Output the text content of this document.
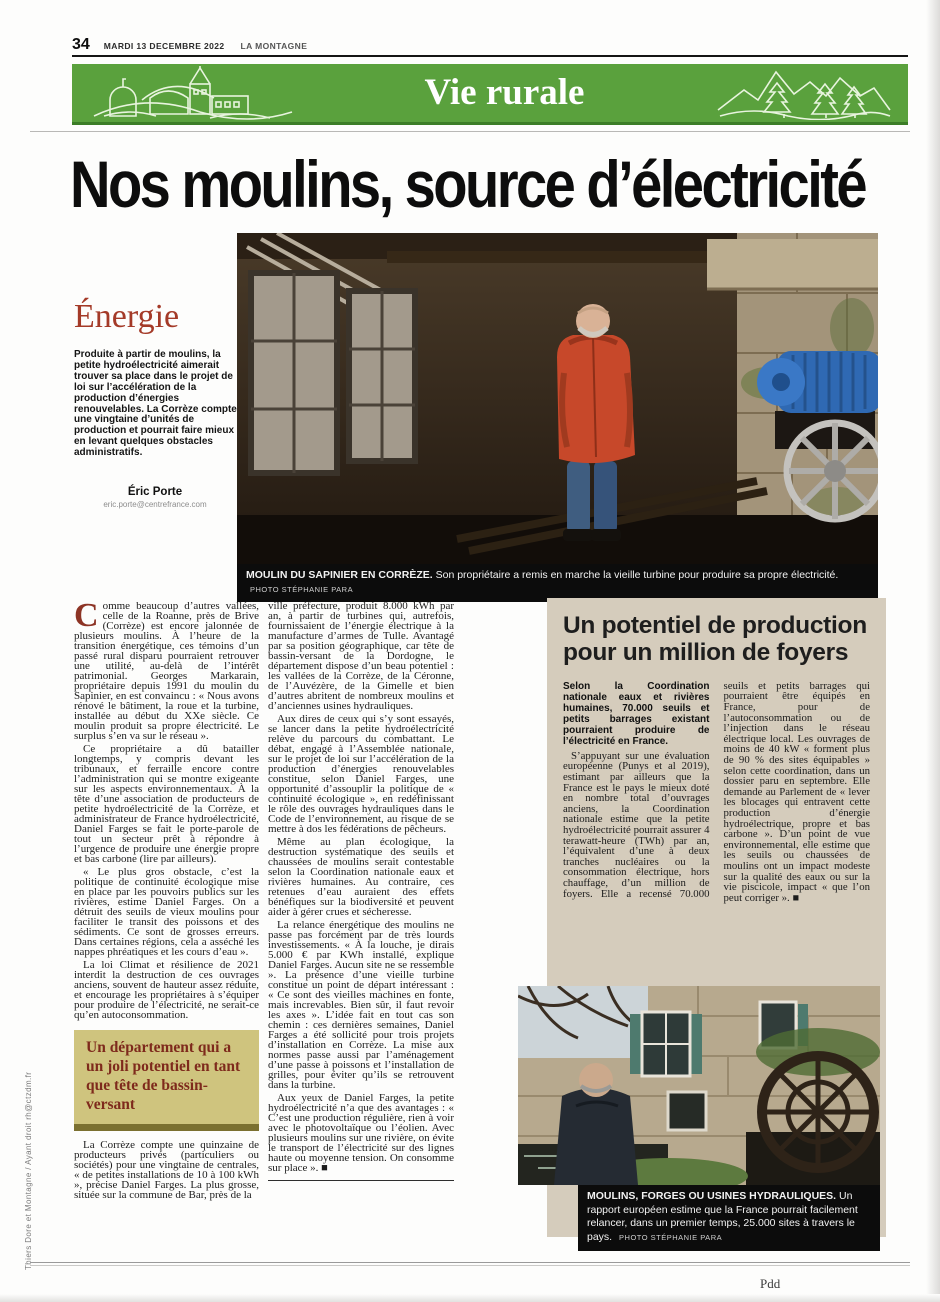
34 MARDI 13 DECEMBRE 2022 LA MONTAGNE
Vie rurale
Nos moulins, source d’électricité
Énergie
Produite à partir de moulins, la petite hydroélectricité aimerait trouver sa place dans le projet de loi sur l’accélération de la production d’énergies renouvelables. La Corrèze compte une vingtaine d’unités de production et pourrait faire mieux en levant quelques obstacles administratifs.
Éric Porte
eric.porte@centrefrance.com
MOULIN DU SAPINIER EN CORRÈZE. Son propriétaire a remis en marche la vieille turbine pour produire sa propre électricité. PHOTO STÉPHANIE PARA

Comme beaucoup d’autres vallées, celle de la Roanne, près de Brive (Corrèze) est encore jalonnée de plusieurs moulins. À l’heure de la transition énergétique, ces témoins d’un passé rural disparu pourraient retrouver une utilité, au-delà de l’intérêt patrimonial. Georges Markarain, propriétaire depuis 1991 du moulin du Sapinier, en est convaincu : « Nous avons rénové le bâtiment, la roue et la turbine, installée au début du XXe siècle. Ce moulin produit sa propre électricité. Le surplus s’en va sur le réseau ».

Ce propriétaire a dû batailler longtemps, y compris devant les tribunaux, et ferraille encore contre l’administration qui se montre exigeante sur les aspects environnementaux. À la tête d’une association de producteurs de petite hydroélectricité de la Corrèze, et administrateur de France hydroélectricité, Daniel Farges se fait le porte-parole de tout un secteur prêt à répondre à l’urgence de produire une énergie propre et bas carbone (lire par ailleurs).

« Le plus gros obstacle, c’est la politique de continuité écologique mise en place par les pouvoirs publics sur les rivières, estime Daniel Farges. On a détruit des seuils de vieux moulins pour faciliter le transit des poissons et des sédiments. Ce sont de grosses erreurs. Dans certaines régions, cela a asséché les nappes phréatiques et les cours d’eau ».

La loi Climat et résilience de 2021 interdit la destruction de ces ouvrages anciens, souvent de hauteur assez réduite, et encourage les propriétaires à s’équiper pour produire de l’électricité, ne serait-ce qu’en autoconsommation.

Un département qui a un joli potentiel en tant que tête de bassin-versant

La Corrèze compte une quinzaine de producteurs privés (particuliers ou sociétés) pour une vingtaine de centrales, « de petites installations de 10 à 100 kWh », précise Daniel Farges. La plus grosse, située sur la commune de Bar, près de la

ville préfecture, produit 8.000 kWh par an, à partir de turbines qui, autrefois, fournissaient de l’énergie électrique à la manufacture d’armes de Tulle. Avantagé par sa position géographique, car tête de bassin-versant de la Dordogne, le département dispose d’un beau potentiel : les vallées de la Corrèze, de la Céronne, de l’Auvézère, de la Gimelle et bien d’autres abritent de nombreux moulins et d’anciennes usines hydrauliques.

Aux dires de ceux qui s’y sont essayés, se lancer dans la petite hydroélectricité relève du parcours du combattant. Le débat, engagé à l’Assemblée nationale, sur le projet de loi sur l’accélération de la production d’énergies renouvelables constitue, selon Daniel Farges, une opportunité d’assouplir la politique de « continuité écologique », en redéfinissant le rôle des ouvrages hydrauliques dans le Code de l’environnement, au risque de se mettre à dos les fédérations de pêcheurs.

Même au plan écologique, la destruction systématique des seuils et chaussées de moulins serait contestable selon la Coordination nationale eaux et rivières humaines. Au contraire, ces retenues d’eau auraient des effets bénéfiques sur la biodiversité et peuvent aider à gérer crues et sécheresse.

La relance énergétique des moulins ne passe pas forcément par de très lourds investissements. « À la louche, je dirais 5.000 € par KWh installé, explique Daniel Farges. Aucun site ne se ressemble ». La présence d’une vieille turbine constitue un point de départ intéressant : « Ce sont des vieilles machines en fonte, mais increvables. Bien sûr, il faut revoir les axes ». L’idée fait en tout cas son chemin : ces dernières semaines, Daniel Farges a été sollicité pour trois projets d’installation en Corrèze. La mise aux normes passe aussi par l’aménagement d’une passe à poissons et l’installation de grilles, pour éviter qu’ils se retrouvent dans la turbine.

Aux yeux de Daniel Farges, la petite hydroélectricité n’a que des avantages : « C’est une production régulière, rien à voir avec le photovoltaïque ou l’éolien. Avec plusieurs moulins sur une rivière, on évite le transport de l’électricité sur des lignes haute ou moyenne tension. On consomme sur place ». ■

Un potentiel de production pour un million de foyers

Selon la Coordination nationale eaux et rivières humaines, 70.000 seuils et petits barrages existant pourraient produire de l’électricité en France.

S’appuyant sur une évaluation européenne (Punys et al 2019), estimant par ailleurs que la France est le pays le mieux doté en nombre total d’ouvrages anciens, la Coordination nationale estime que la petite hydroélectricité pourrait assurer 4 terawatt-heure (TWh) par an, l’équivalent d’une à deux tranches nucléaires ou la consommation électrique, hors chauffage, d’un million de foyers. Elle a recensé 70.000 seuils et petits barrages qui pourraient être équipés en France, pour de l’autoconsommation ou de l’injection dans le réseau électrique local. Les ouvrages de moins de 40 kW « forment plus de 90 % des sites équipables » selon cette coordination, dans un dossier paru en septembre. Elle demande au Parlement de « lever les blocages qui entravent cette production d’énergie hydroélectrique, propre et bas carbone ». D’un point de vue environnemental, elle estime que les seuils ou chaussées de moulins ont un impact modeste sur la qualité des eaux ou sur la vie piscicole, impact « que l’on peut corriger ». ■

MOULINS, FORGES OU USINES HYDRAULIQUES. Un rapport européen estime que la France pourrait facilement relancer, dans un premier temps, 25.000 sites à travers le pays. PHOTO STÉPHANIE PARA
Pdd
Thiers Dore et Montagne / Ayant droit rh@ctzdm.fr
